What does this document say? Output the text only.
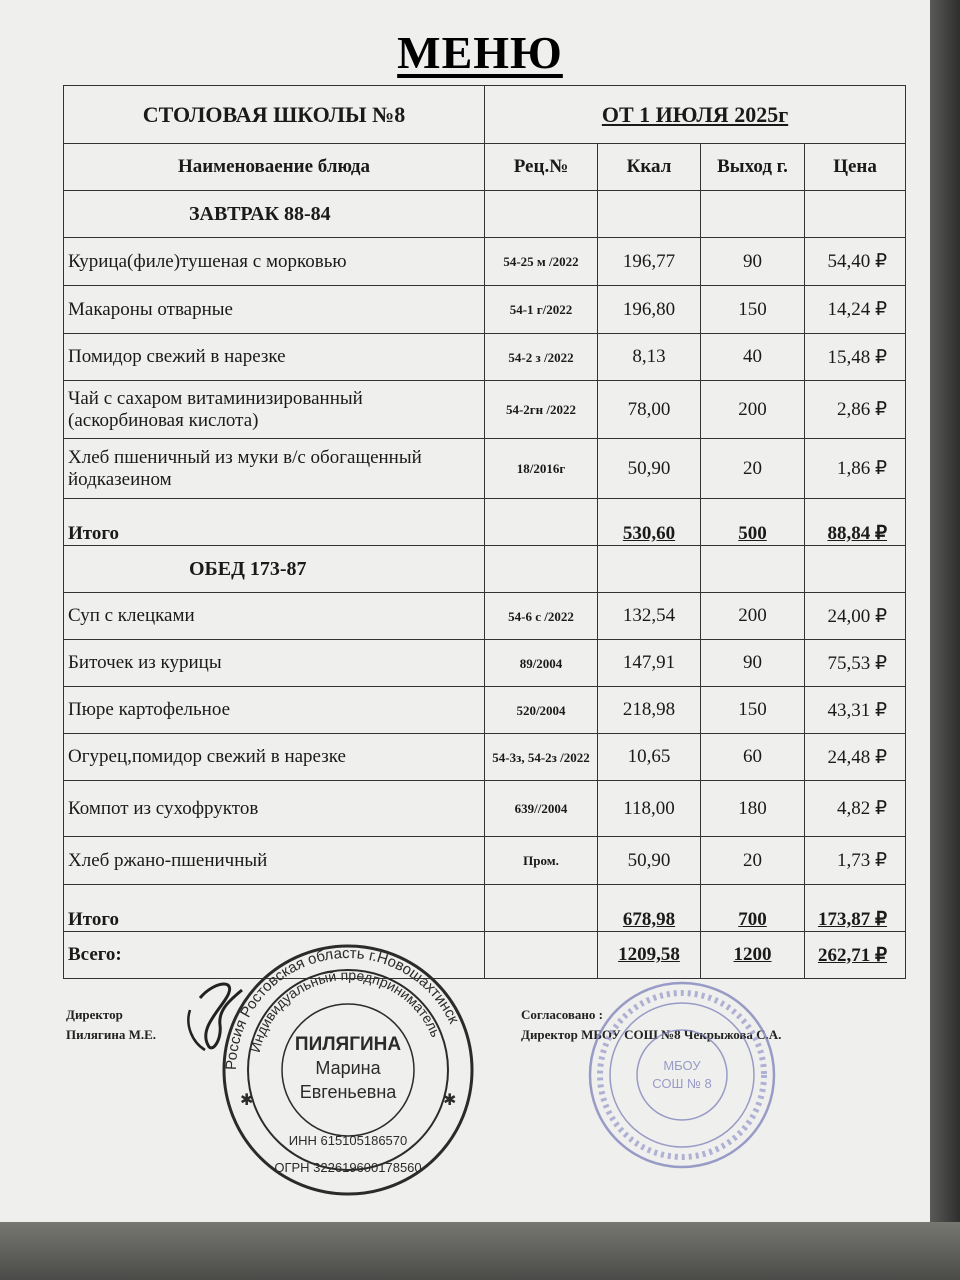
МЕНЮ
СТОЛОВАЯ ШКОЛЫ №8	ОТ 1 ИЮЛЯ 2025г			
Наименоваение блюда	Рец.№	Ккал	Выход г.	Цена
ЗАВТРАК 88-84				
Курица(филе)тушеная с морковью	54-25 м /2022	196,77	90	54,40 ₽
Макароны отварные	54-1 г/2022	196,80	150	14,24 ₽
Помидор свежий в нарезке	54-2 з /2022	8,13	40	15,48 ₽
Чай с сахаром витаминизированный (аскорбиновая кислота)	54-2гн /2022	78,00	200	2,86 ₽
Хлеб пшеничный из муки в/с обогащенный йодказеином	18/2016г	50,90	20	1,86 ₽
Итого		530,60	500	88,84 ₽
ОБЕД 173-87				
Суп с клецками	54-6 с /2022	132,54	200	24,00 ₽
Биточек из курицы	89/2004	147,91	90	75,53 ₽
Пюре картофельное	520/2004	218,98	150	43,31 ₽
Огурец,помидор свежий в нарезке	54-3з, 54-2з /2022	10,65	60	24,48 ₽
Компот из сухофруктов	639//2004	118,00	180	4,82 ₽
Хлеб ржано-пшеничный	Пром.	50,90	20	1,73 ₽
Итого		678,98	700	173,87 ₽
Всего:		1209,58	1200	262,71 ₽
Директор
Пилягина М.Е.
Согласовано :
Директор МБОУ СОШ №8 Чекрыжова С.А.
Россия Ростовская область г.Новошахтинск
Индивидуальный предприниматель
ПИЛЯГИНА
Марина
Евгеньевна
ИНН 615105186570
ОГРН 322619600178560
✱	✱
МБОУ
СОШ № 8
